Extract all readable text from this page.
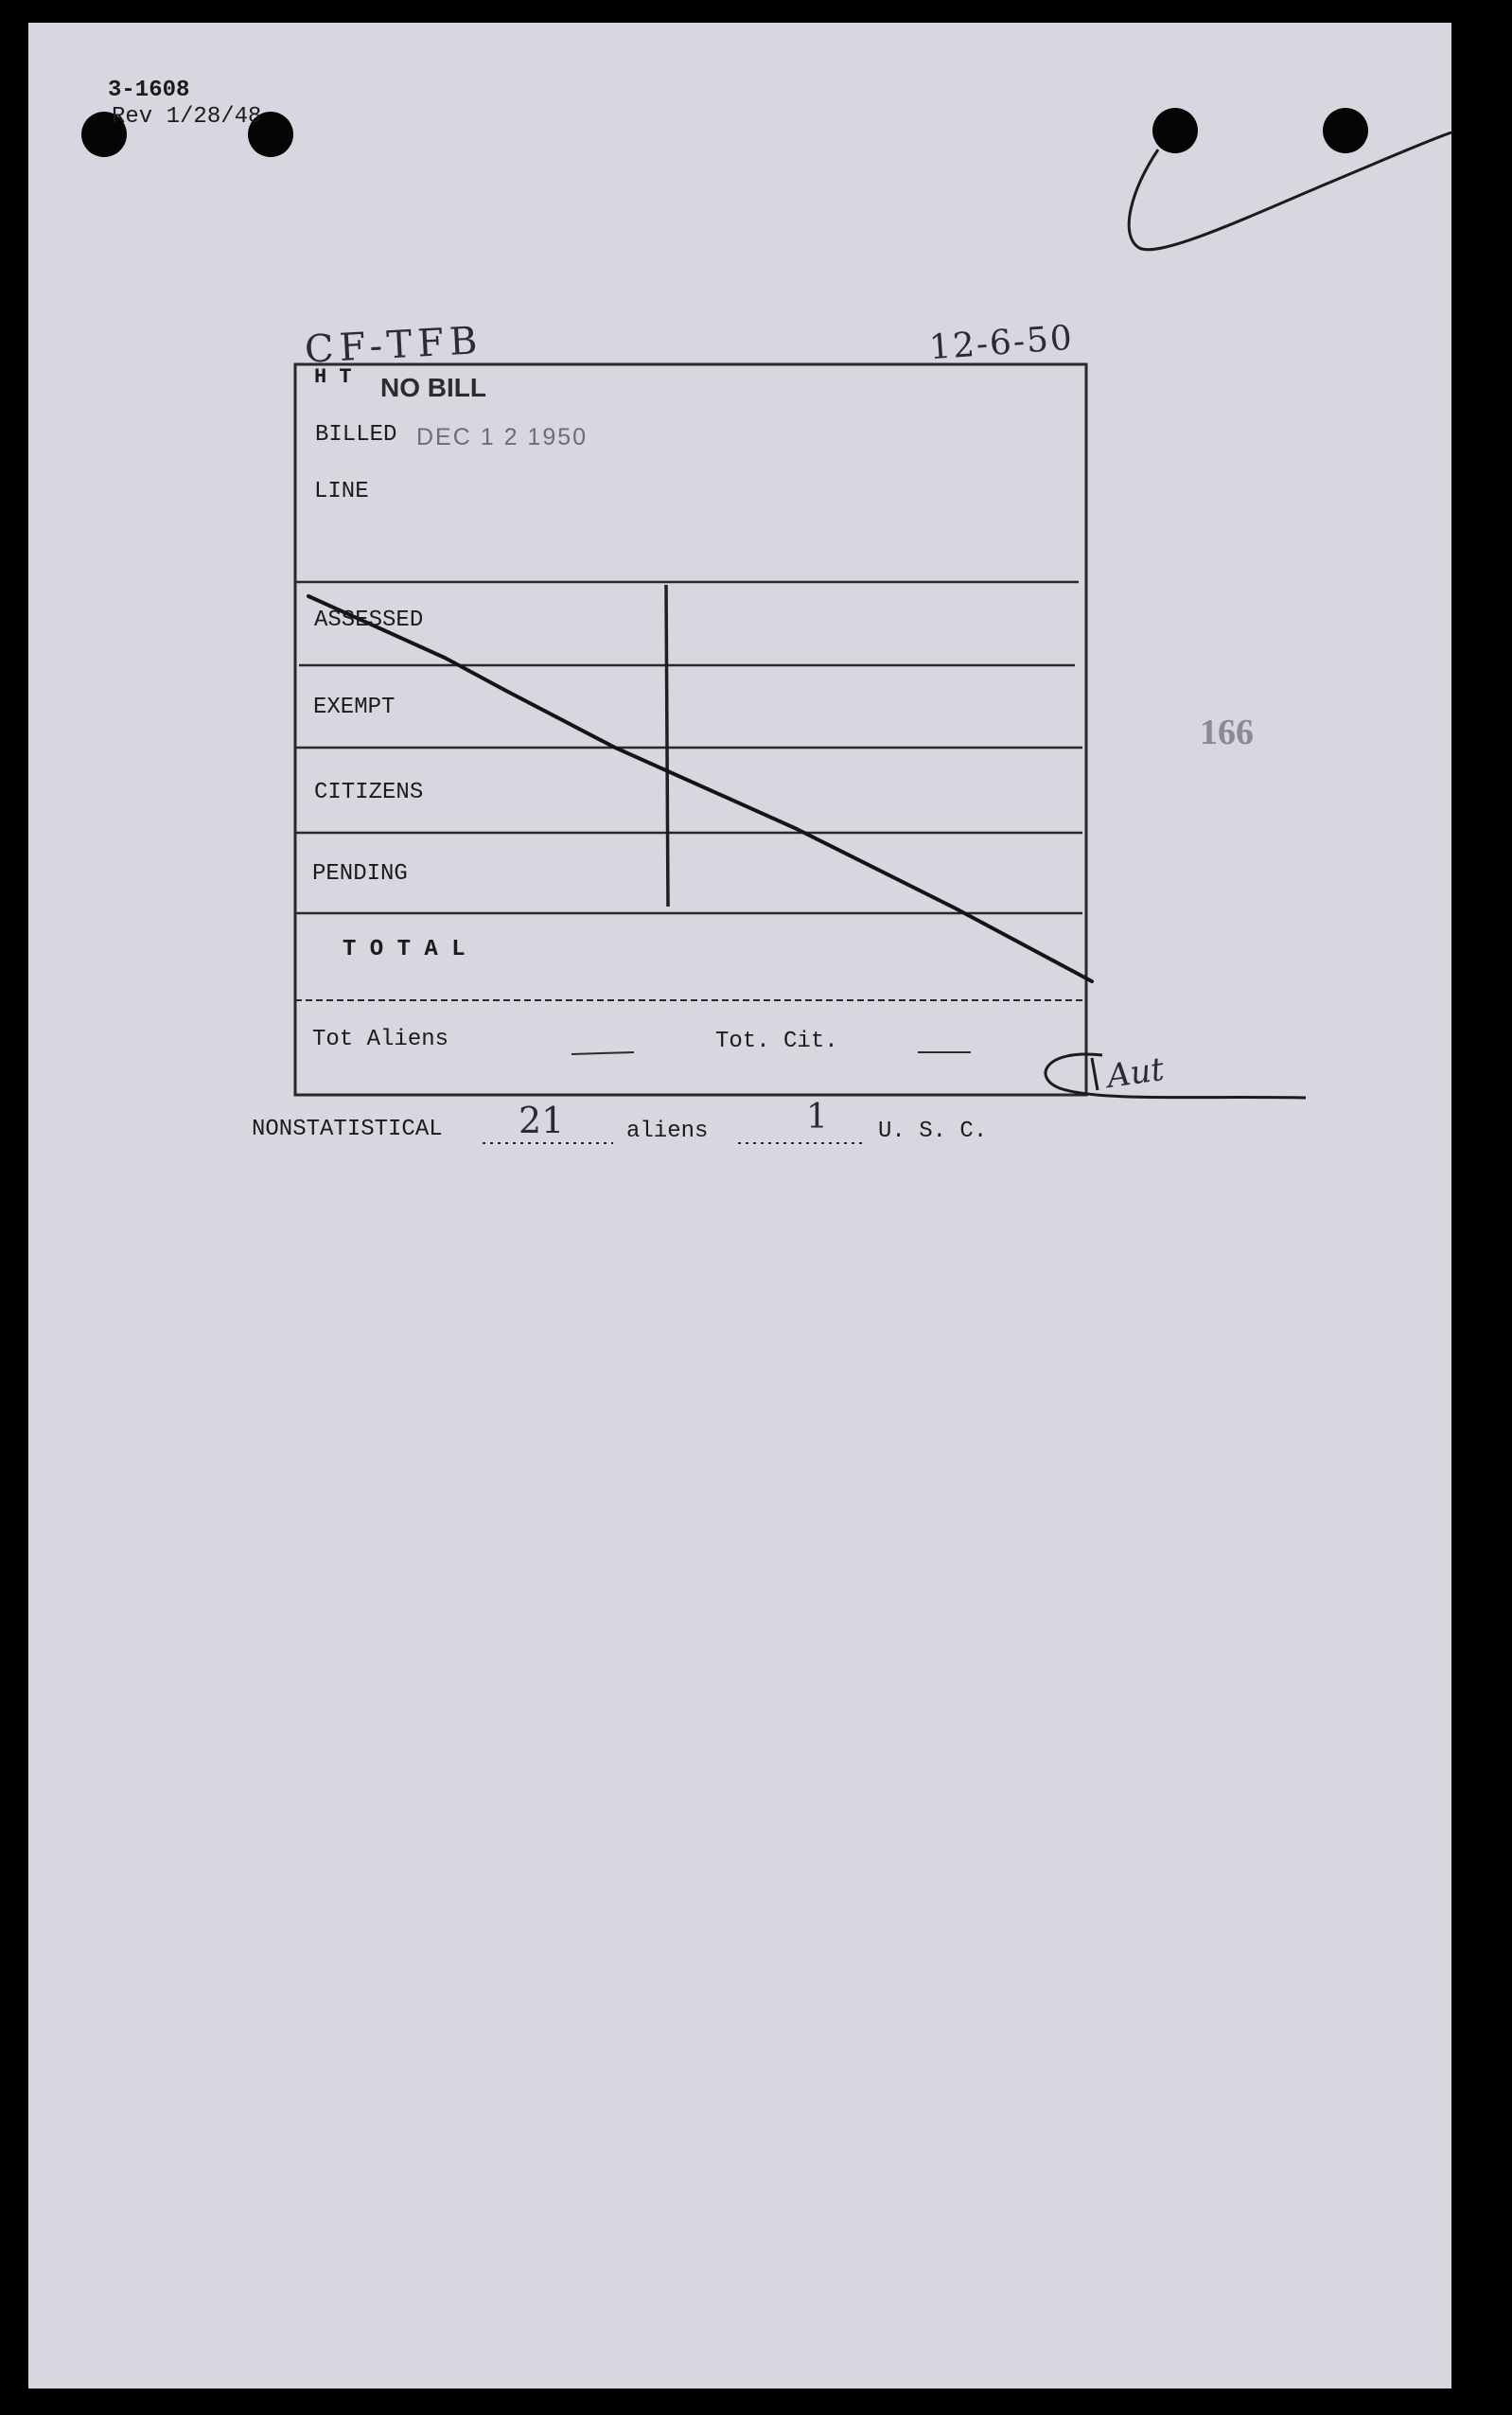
3-1608
Rev 1/28/48
CF-TFB	12-6-50
H T NO BILL
BILLED DEC 1 2 1950
LINE
ASSESSED
EXEMPT
CITIZENS
PENDING
T O T A L
Tot Aliens	Tot. Cit.
Aut
NONSTATISTICAL 21	aliens	1 U. S. C.
166
